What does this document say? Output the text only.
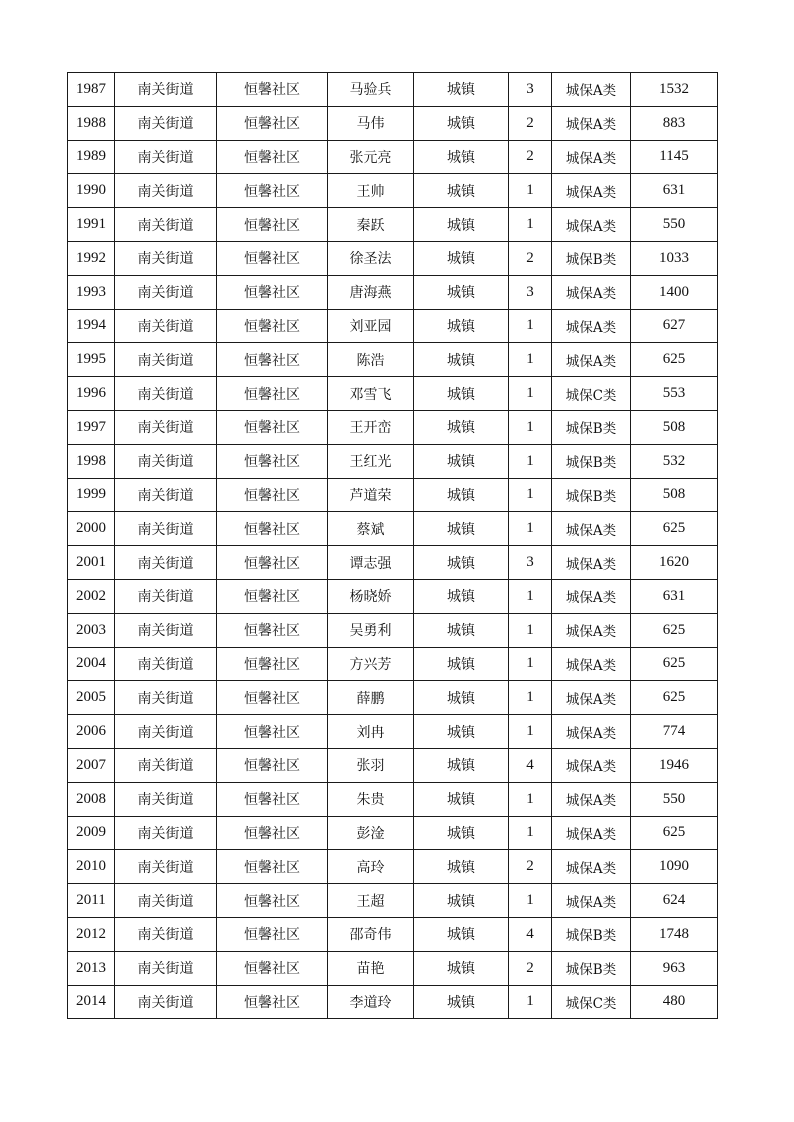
1987	南关街道	恒馨社区	马验兵	城镇	3	城保A类	1532
1988	南关街道	恒馨社区	马伟	城镇	2	城保A类	883
1989	南关街道	恒馨社区	张元亮	城镇	2	城保A类	1145
1990	南关街道	恒馨社区	王帅	城镇	1	城保A类	631
1991	南关街道	恒馨社区	秦跃	城镇	1	城保A类	550
1992	南关街道	恒馨社区	徐圣法	城镇	2	城保B类	1033
1993	南关街道	恒馨社区	唐海燕	城镇	3	城保A类	1400
1994	南关街道	恒馨社区	刘亚园	城镇	1	城保A类	627
1995	南关街道	恒馨社区	陈浩	城镇	1	城保A类	625
1996	南关街道	恒馨社区	邓雪飞	城镇	1	城保C类	553
1997	南关街道	恒馨社区	王开峦	城镇	1	城保B类	508
1998	南关街道	恒馨社区	王红光	城镇	1	城保B类	532
1999	南关街道	恒馨社区	芦道荣	城镇	1	城保B类	508
2000	南关街道	恒馨社区	蔡斌	城镇	1	城保A类	625
2001	南关街道	恒馨社区	谭志强	城镇	3	城保A类	1620
2002	南关街道	恒馨社区	杨晓娇	城镇	1	城保A类	631
2003	南关街道	恒馨社区	吴勇利	城镇	1	城保A类	625
2004	南关街道	恒馨社区	方兴芳	城镇	1	城保A类	625
2005	南关街道	恒馨社区	薛鹏	城镇	1	城保A类	625
2006	南关街道	恒馨社区	刘冉	城镇	1	城保A类	774
2007	南关街道	恒馨社区	张羽	城镇	4	城保A类	1946
2008	南关街道	恒馨社区	朱贵	城镇	1	城保A类	550
2009	南关街道	恒馨社区	彭淦	城镇	1	城保A类	625
2010	南关街道	恒馨社区	高玲	城镇	2	城保A类	1090
2011	南关街道	恒馨社区	王超	城镇	1	城保A类	624
2012	南关街道	恒馨社区	邵奇伟	城镇	4	城保B类	1748
2013	南关街道	恒馨社区	苗艳	城镇	2	城保B类	963
2014	南关街道	恒馨社区	李道玲	城镇	1	城保C类	480
